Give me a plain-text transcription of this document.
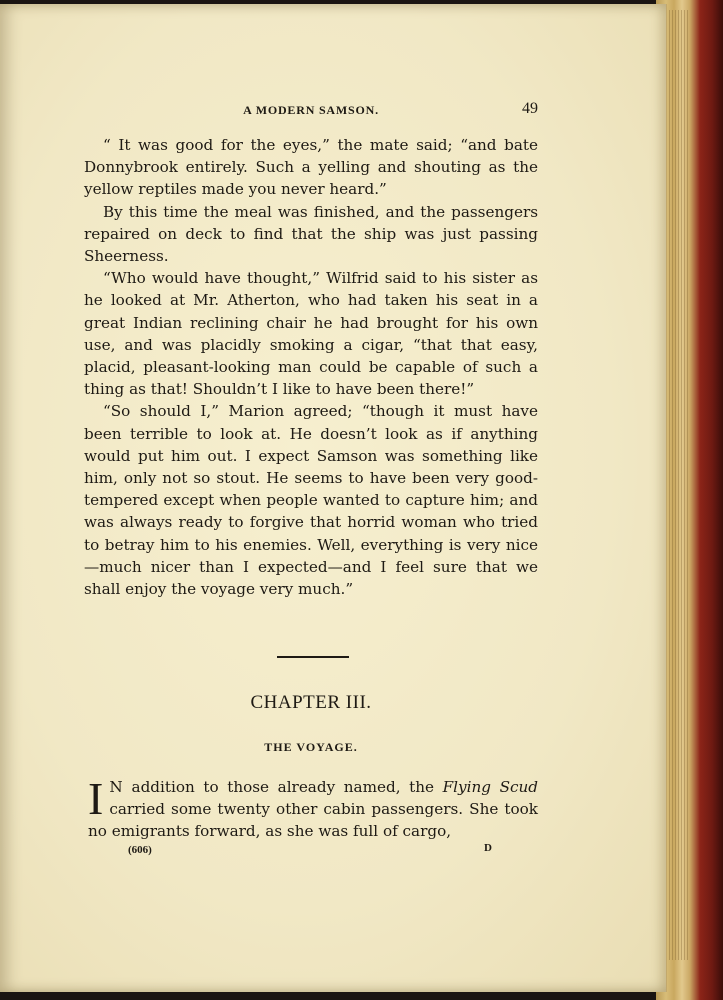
A MODERN SAMSON.	49

“ It was good for the eyes,” the mate said; “and bate Donnybrook entirely. Such a yelling and shouting as the yellow reptiles made you never heard.”

By this time the meal was finished, and the passengers repaired on deck to find that the ship was just passing Sheerness.

“Who would have thought,” Wilfrid said to his sister as he looked at Mr. Atherton, who had taken his seat in a great Indian reclining chair he had brought for his own use, and was placidly smoking a cigar, “that that easy, placid, pleasant-looking man could be capable of such a thing as that! Shouldn’t I like to have been there!”

“So should I,” Marion agreed; “though it must have been terrible to look at. He doesn’t look as if anything would put him out. I expect Samson was something like him, only not so stout. He seems to have been very good-tempered except when people wanted to capture him; and was always ready to forgive that horrid woman who tried to betray him to his enemies. Well, everything is very nice—much nicer than I expected—and I feel sure that we shall enjoy the voyage very much.”

CHAPTER III.
THE VOYAGE.

I N addition to those already named, the Flying Scud carried some twenty other cabin passengers. She took no emigrants forward, as she was full of cargo,

(606)	D
